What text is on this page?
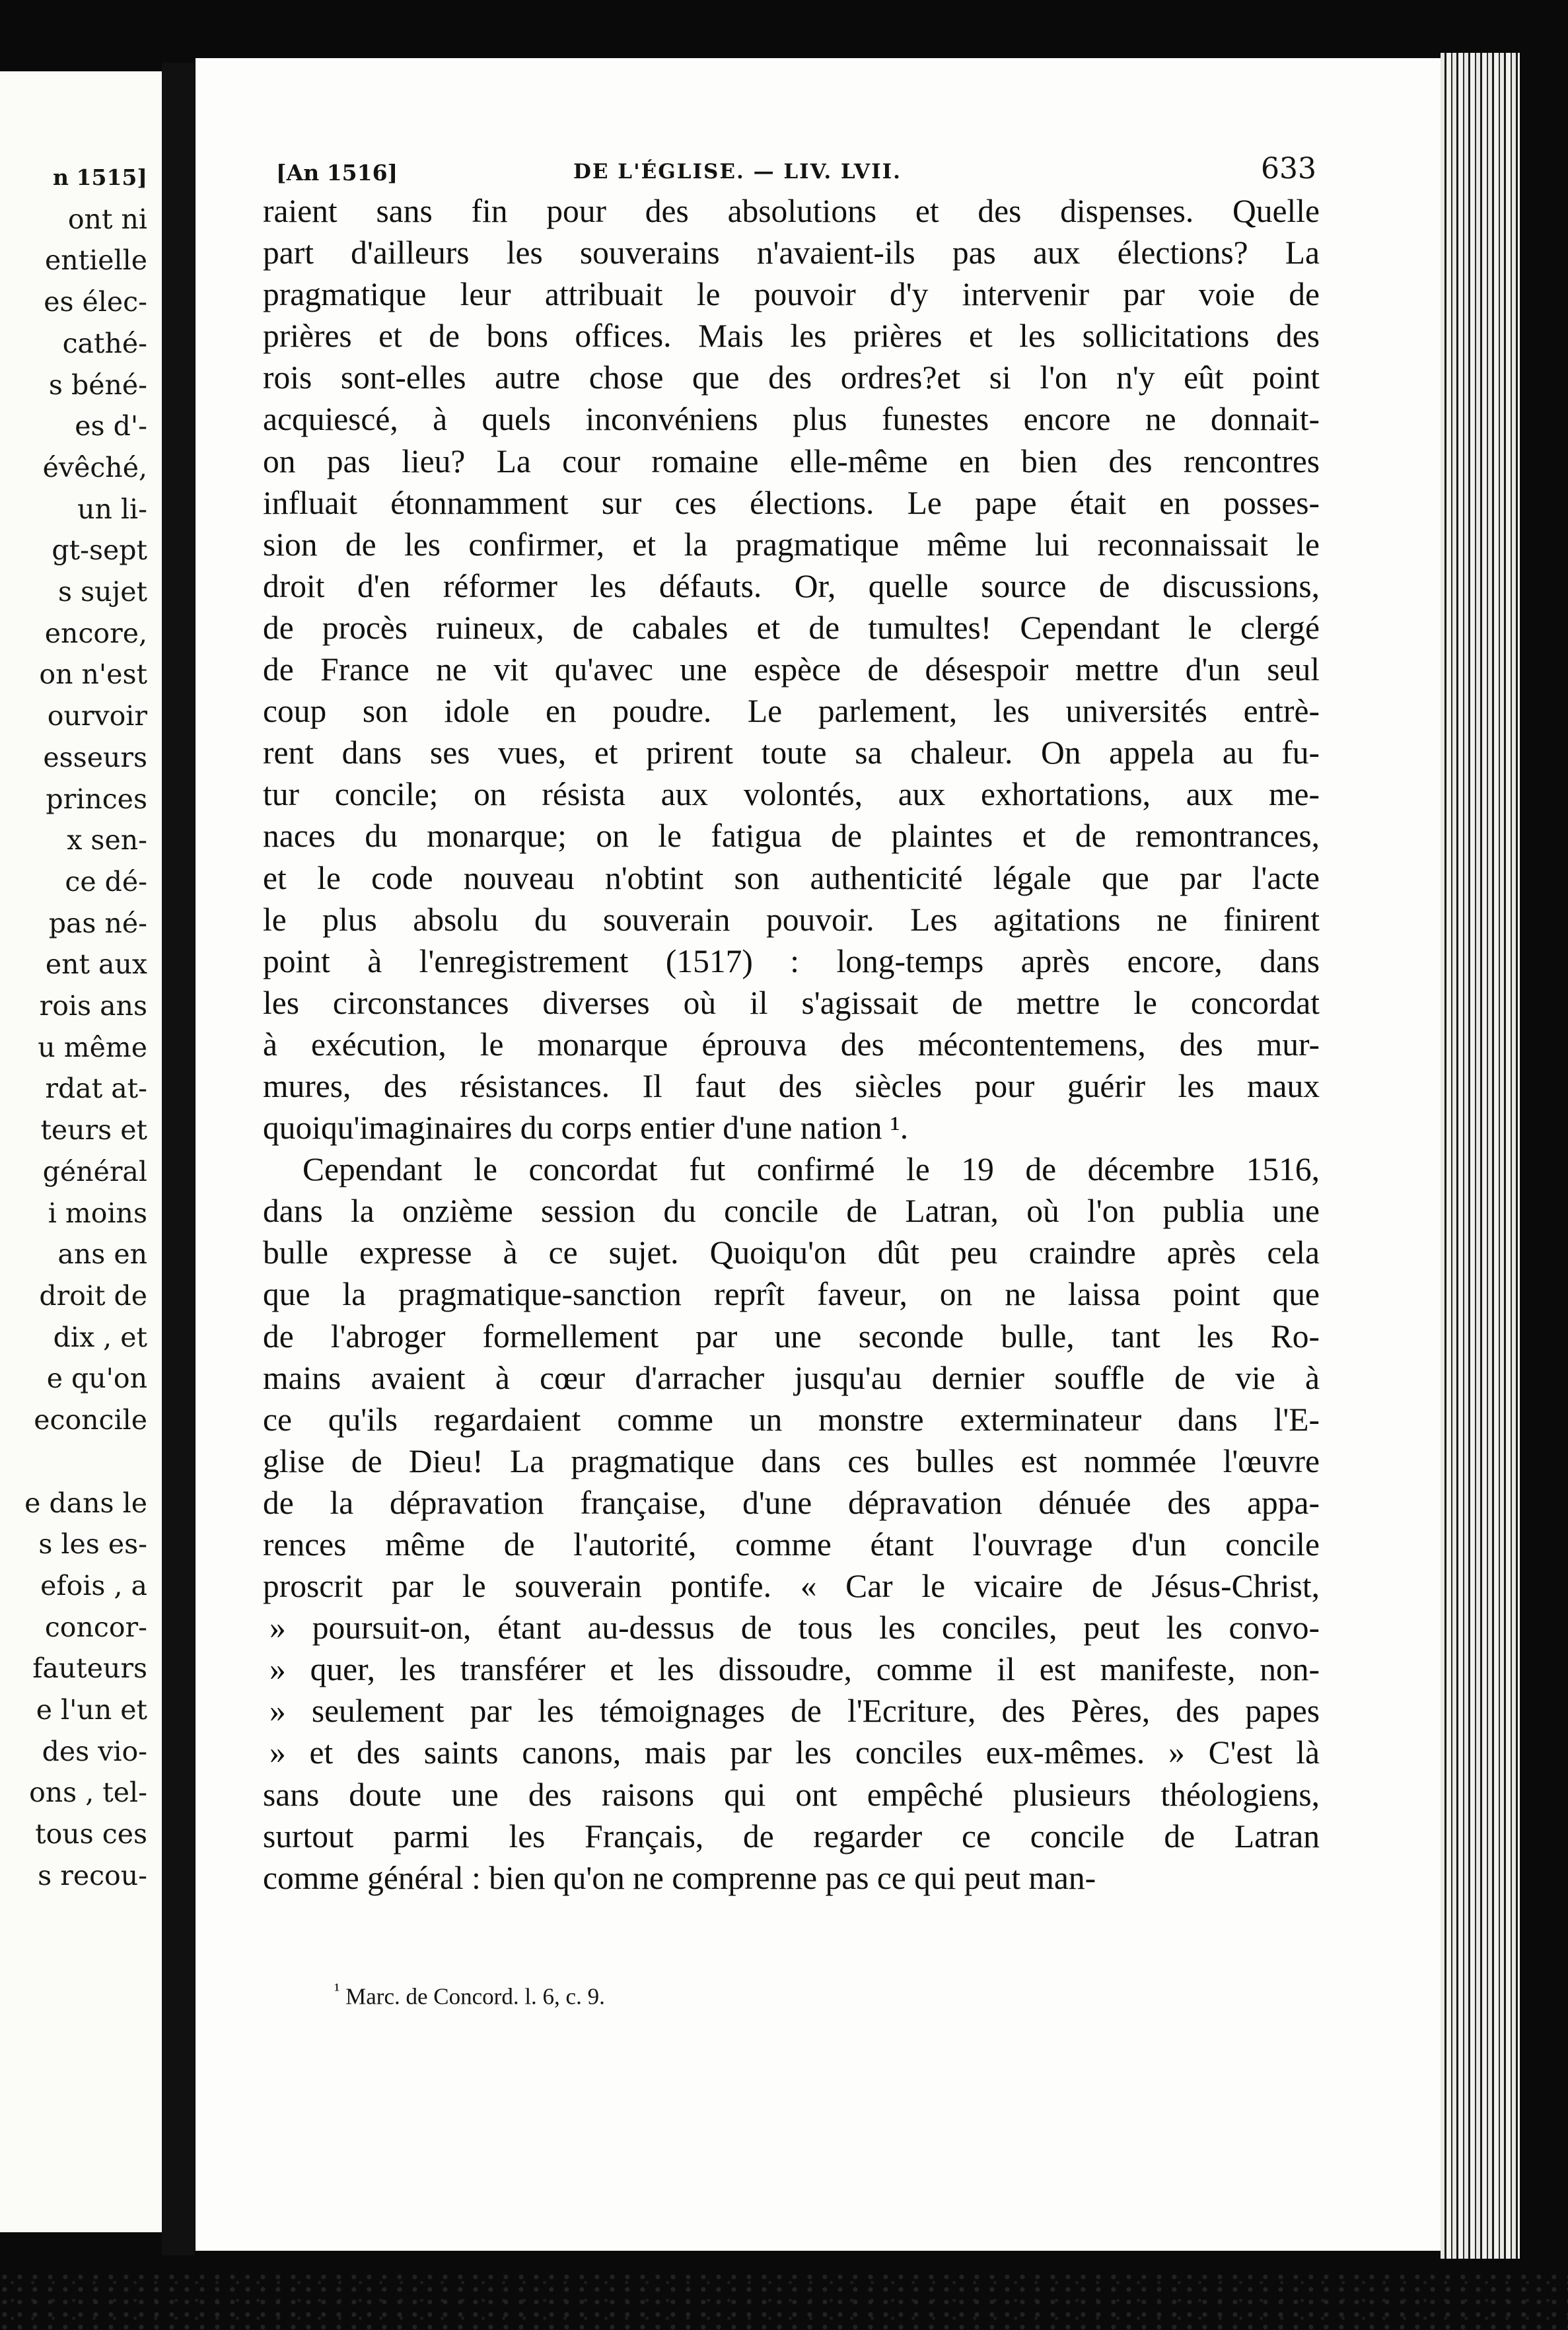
n 1515]
ont ni
entielle
es élec-
cathé-
s béné-
es d'-
évêché,
un li-
gt-sept
s sujet
encore,
on n'est
ourvoir
esseurs
princes
x sen-
ce dé-
pas né-
ent aux
rois ans
u même
rdat at-
teurs et
général
i moins
ans en
droit de
dix , et
e qu'on
econcile

e dans le
s les es-
efois , a
concor-
fauteurs
e l'un et
des vio-
ons , tel-
tous ces
s recou-
[An 1516]	DE L'ÉGLISE. — LIV. LVII.	633
raient sans fin pour des absolutions et des dispenses. Quelle
part d'ailleurs les souverains n'avaient-ils pas aux élections? La
pragmatique leur attribuait le pouvoir d'y intervenir par voie de
prières et de bons offices. Mais les prières et les sollicitations des
rois sont-elles autre chose que des ordres?et si l'on n'y eût point
acquiescé, à quels inconvéniens plus funestes encore ne donnait-
on pas lieu? La cour romaine elle-même en bien des rencontres
influait étonnamment sur ces élections. Le pape était en posses-
sion de les confirmer, et la pragmatique même lui reconnaissait le
droit d'en réformer les défauts. Or, quelle source de discussions,
de procès ruineux, de cabales et de tumultes! Cependant le clergé
de France ne vit qu'avec une espèce de désespoir mettre d'un seul
coup son idole en poudre. Le parlement, les universités entrè-
rent dans ses vues, et prirent toute sa chaleur. On appela au fu-
tur concile; on résista aux volontés, aux exhortations, aux me-
naces du monarque; on le fatigua de plaintes et de remontrances,
et le code nouveau n'obtint son authenticité légale que par l'acte
le plus absolu du souverain pouvoir. Les agitations ne finirent
point à l'enregistrement (1517) : long-temps après encore, dans
les circonstances diverses où il s'agissait de mettre le concordat
à exécution, le monarque éprouva des mécontentemens, des mur-
mures, des résistances. Il faut des siècles pour guérir les maux
quoiqu'imaginaires du corps entier d'une nation ¹.
Cependant le concordat fut confirmé le 19 de décembre 1516,
dans la onzième session du concile de Latran, où l'on publia une
bulle expresse à ce sujet. Quoiqu'on dût peu craindre après cela
que la pragmatique-sanction reprît faveur, on ne laissa point que
de l'abroger formellement par une seconde bulle, tant les Ro-
mains avaient à cœur d'arracher jusqu'au dernier souffle de vie à
ce qu'ils regardaient comme un monstre exterminateur dans l'E-
glise de Dieu! La pragmatique dans ces bulles est nommée l'œuvre
de la dépravation française, d'une dépravation dénuée des appa-
rences même de l'autorité, comme étant l'ouvrage d'un concile
proscrit par le souverain pontife. « Car le vicaire de Jésus-Christ,
» poursuit-on, étant au-dessus de tous les conciles, peut les convo-
» quer, les transférer et les dissoudre, comme il est manifeste, non-
» seulement par les témoignages de l'Ecriture, des Pères, des papes
» et des saints canons, mais par les conciles eux-mêmes. » C'est là
sans doute une des raisons qui ont empêché plusieurs théologiens,
surtout parmi les Français, de regarder ce concile de Latran
comme général : bien qu'on ne comprenne pas ce qui peut man-
$^{^1}$ Marc. de Concord. l. 6, c. 9.
